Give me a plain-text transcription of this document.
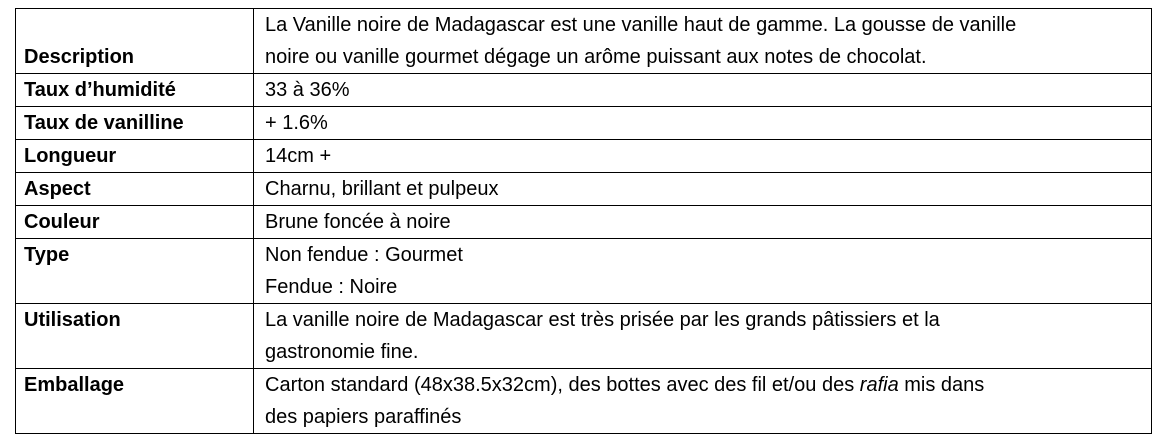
Description	La Vanille noire de Madagascar est une vanille haut de gamme. La gousse de vanille
noire ou vanille gourmet dégage un arôme puissant aux notes de chocolat.

Taux d’humidité	33 à 36%

Taux de vanilline	+ 1.6%

Longueur	14cm +

Aspect	Charnu, brillant et pulpeux

Couleur	Brune foncée à noire

Type	Non fendue : Gourmet
Fendue : Noire

Utilisation	La vanille noire de Madagascar est très prisée par les grands pâtissiers et la
gastronomie fine.

Emballage	Carton standard (48x38.5x32cm), des bottes avec des fil et/ou des rafia mis dans
des papiers paraffinés
